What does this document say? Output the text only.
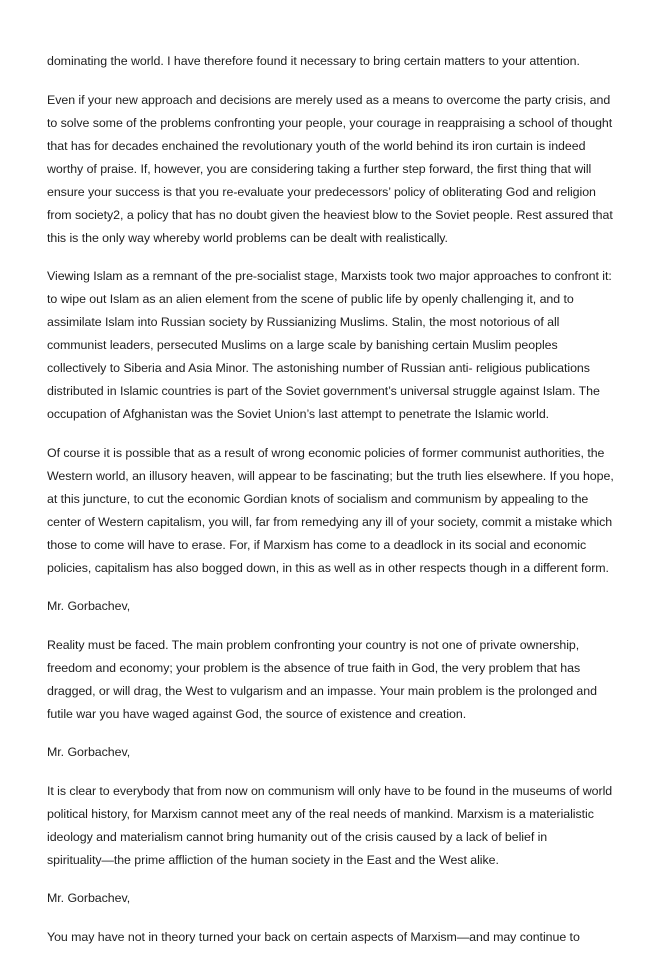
dominating the world. I have therefore found it necessary to bring certain matters to your attention.

Even if your new approach and decisions are merely used as a means to overcome the party crisis, and
to solve some of the problems confronting your people, your courage in reappraising a school of thought
that has for decades enchained the revolutionary youth of the world behind its iron curtain is indeed
worthy of praise. If, however, you are considering taking a further step forward, the first thing that will
ensure your success is that you re-evaluate your predecessors’ policy of obliterating God and religion
from society2, a policy that has no doubt given the heaviest blow to the Soviet people. Rest assured that
this is the only way whereby world problems can be dealt with realistically.

Viewing Islam as a remnant of the pre-socialist stage, Marxists took two major approaches to confront it:
to wipe out Islam as an alien element from the scene of public life by openly challenging it, and to
assimilate Islam into Russian society by Russianizing Muslims. Stalin, the most notorious of all
communist leaders, persecuted Muslims on a large scale by banishing certain Muslim peoples
collectively to Siberia and Asia Minor. The astonishing number of Russian anti- religious publications
distributed in Islamic countries is part of the Soviet government’s universal struggle against Islam. The
occupation of Afghanistan was the Soviet Union’s last attempt to penetrate the Islamic world.

Of course it is possible that as a result of wrong economic policies of former communist authorities, the
Western world, an illusory heaven, will appear to be fascinating; but the truth lies elsewhere. If you hope,
at this juncture, to cut the economic Gordian knots of socialism and communism by appealing to the
center of Western capitalism, you will, far from remedying any ill of your society, commit a mistake which
those to come will have to erase. For, if Marxism has come to a deadlock in its social and economic
policies, capitalism has also bogged down, in this as well as in other respects though in a different form.

Mr. Gorbachev,

Reality must be faced. The main problem confronting your country is not one of private ownership,
freedom and economy; your problem is the absence of true faith in God, the very problem that has
dragged, or will drag, the West to vulgarism and an impasse. Your main problem is the prolonged and
futile war you have waged against God, the source of existence and creation.

Mr. Gorbachev,

It is clear to everybody that from now on communism will only have to be found in the museums of world
political history, for Marxism cannot meet any of the real needs of mankind. Marxism is a materialistic
ideology and materialism cannot bring humanity out of the crisis caused by a lack of belief in
spirituality—the prime affliction of the human society in the East and the West alike.

Mr. Gorbachev,

You may have not in theory turned your back on certain aspects of Marxism—and may continue to
